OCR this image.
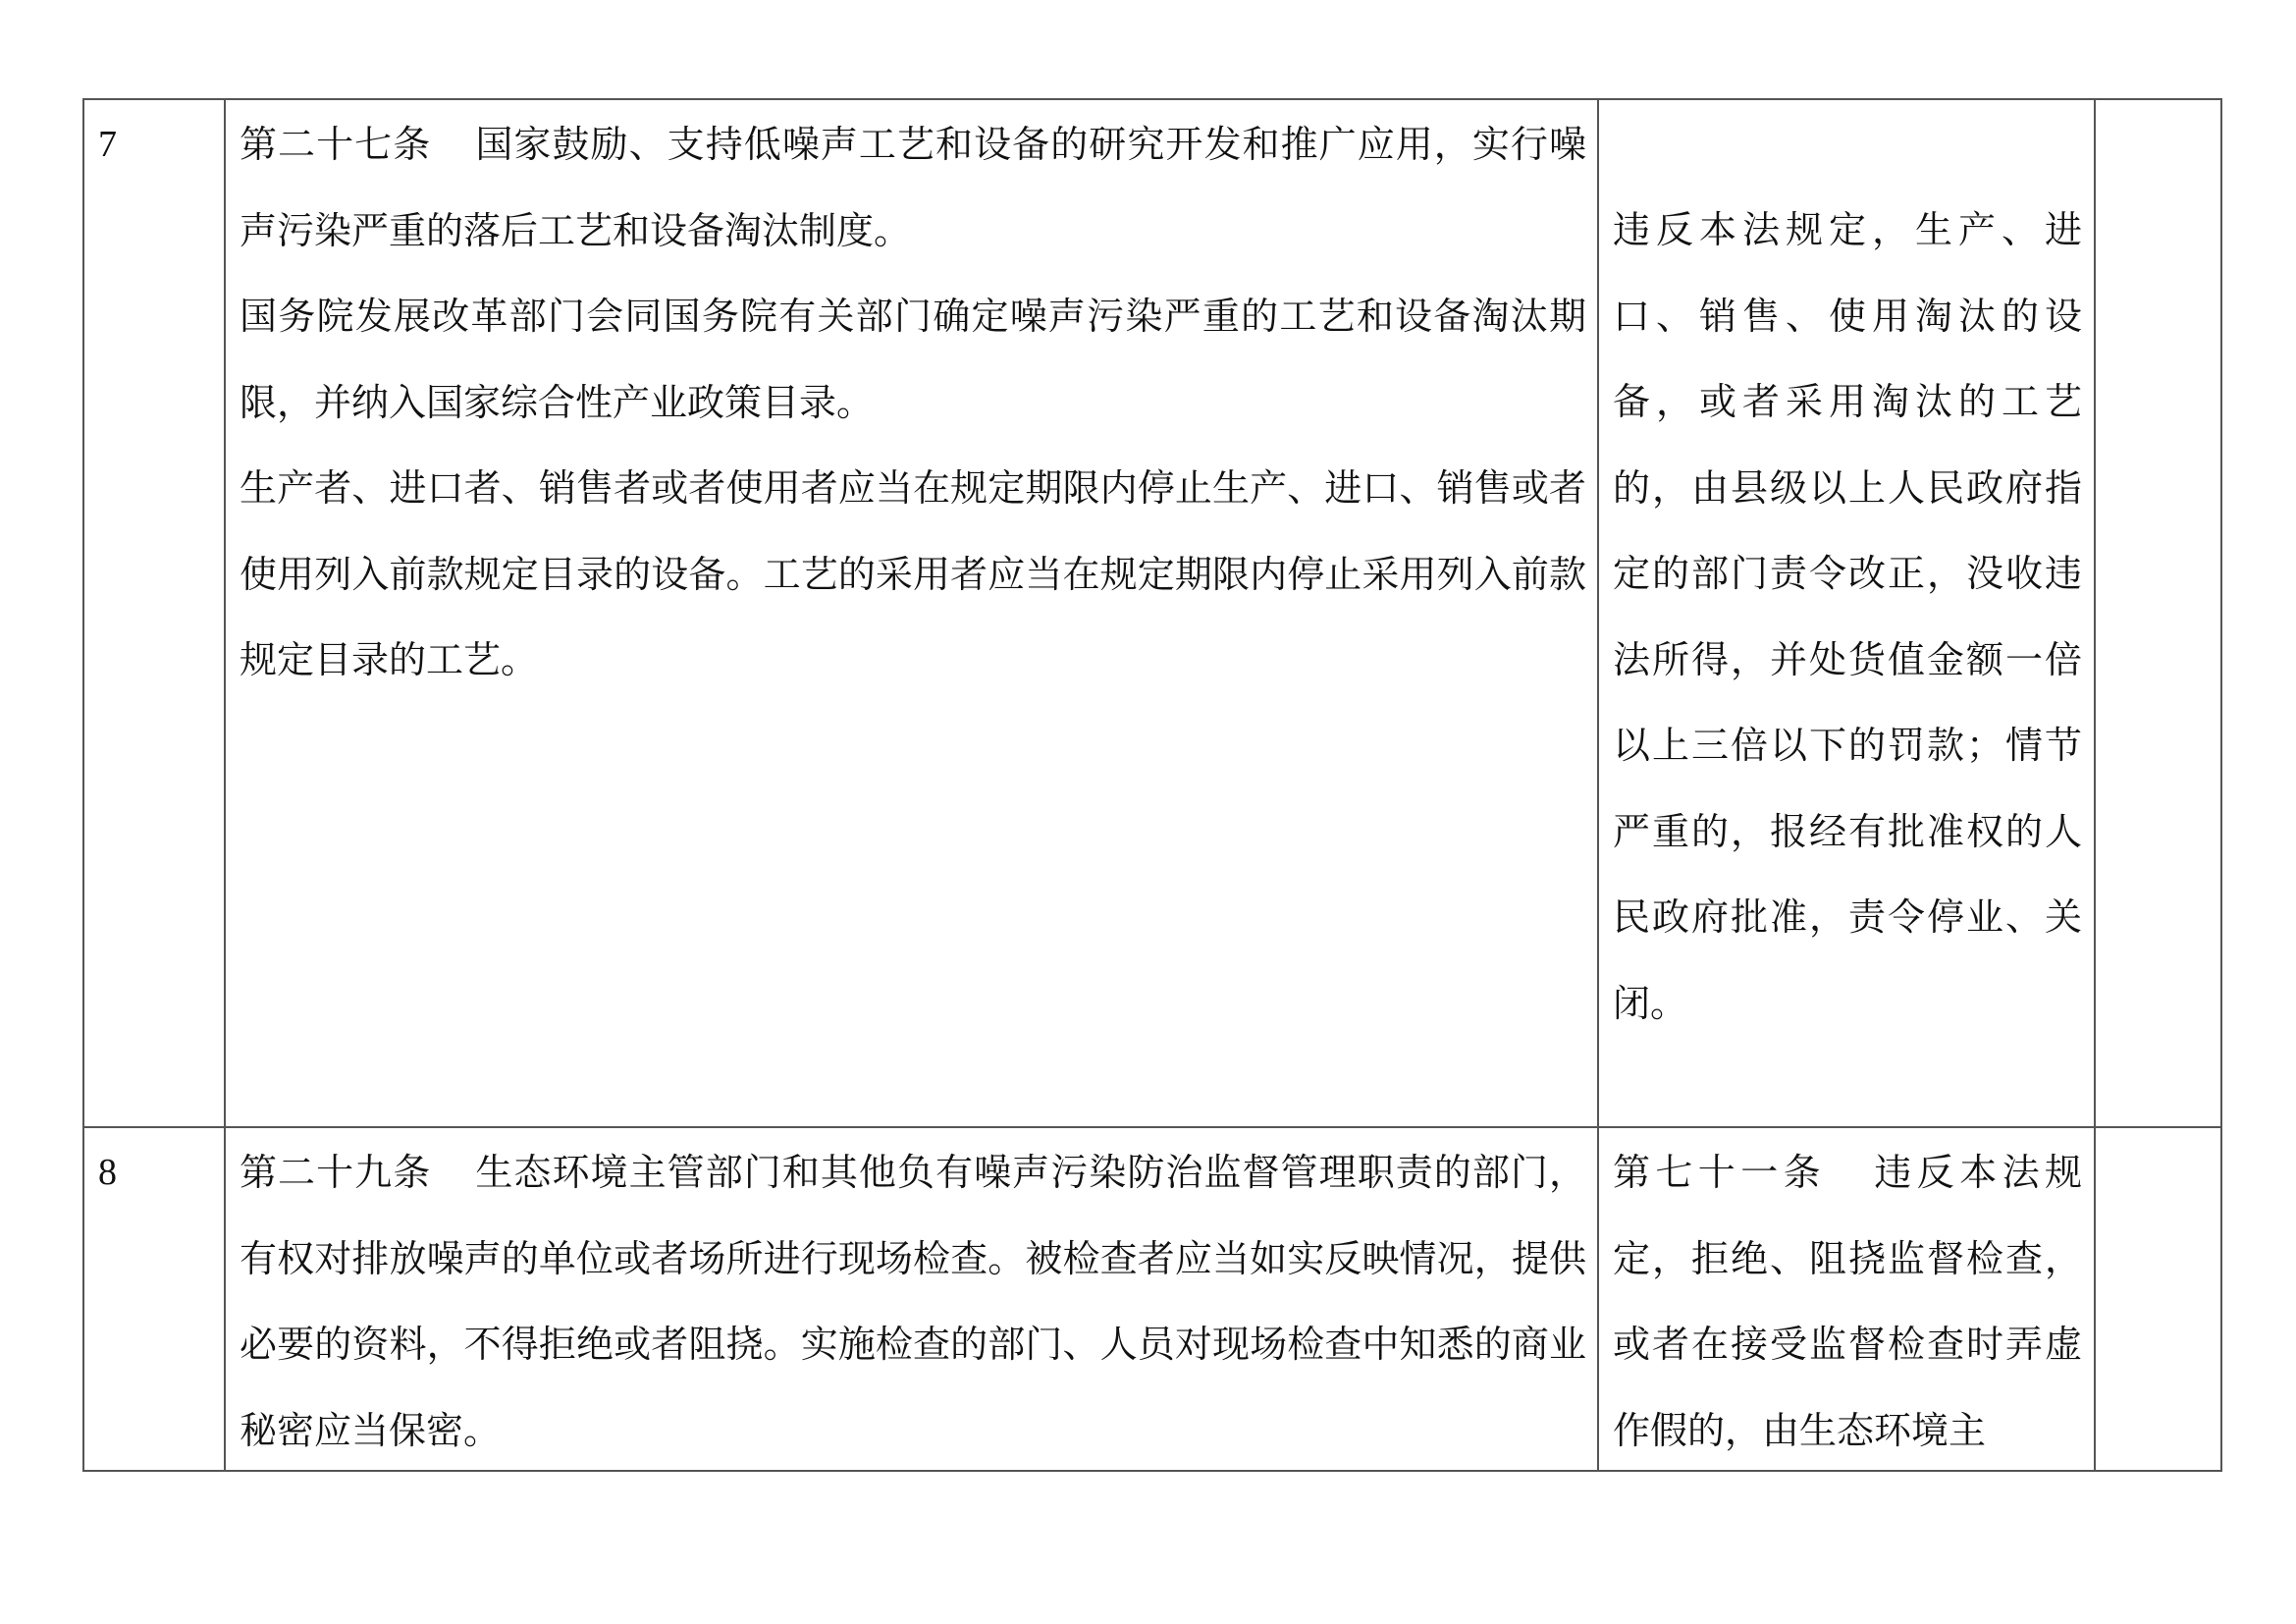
7	第二十七条 国家鼓励、支持低噪声工艺和设备的研究开发和推广应用，实行噪声污染严重的落后工艺和设备淘汰制度。

国务院发展改革部门会同国务院有关部门确定噪声污染严重的工艺和设备淘汰期限，并纳入国家综合性产业政策目录。

生产者、进口者、销售者或者使用者应当在规定期限内停止生产、进口、销售或者使用列入前款规定目录的设备。工艺的采用者应当在规定期限内停止采用列入前款规定目录的工艺。

违反本法规定，生产、进口、销售、使用淘汰的设备，或者采用淘汰的工艺的，由县级以上人民政府指定的部门责令改正，没收违法所得，并处货值金额一倍以上三倍以下的罚款；情节严重的，报经有批准权的人民政府批准，责令停业、关闭。

8	第二十九条 生态环境主管部门和其他负有噪声污染防治监督管理职责的部门，有权对排放噪声的单位或者场所进行现场检查。被检查者应当如实反映情况，提供必要的资料，不得拒绝或者阻挠。实施检查的部门、人员对现场检查中知悉的商业秘密应当保密。

第七十一条 违反本法规定，拒绝、阻挠监督检查，或者在接受监督检查时弄虚作假的，由生态环境主
